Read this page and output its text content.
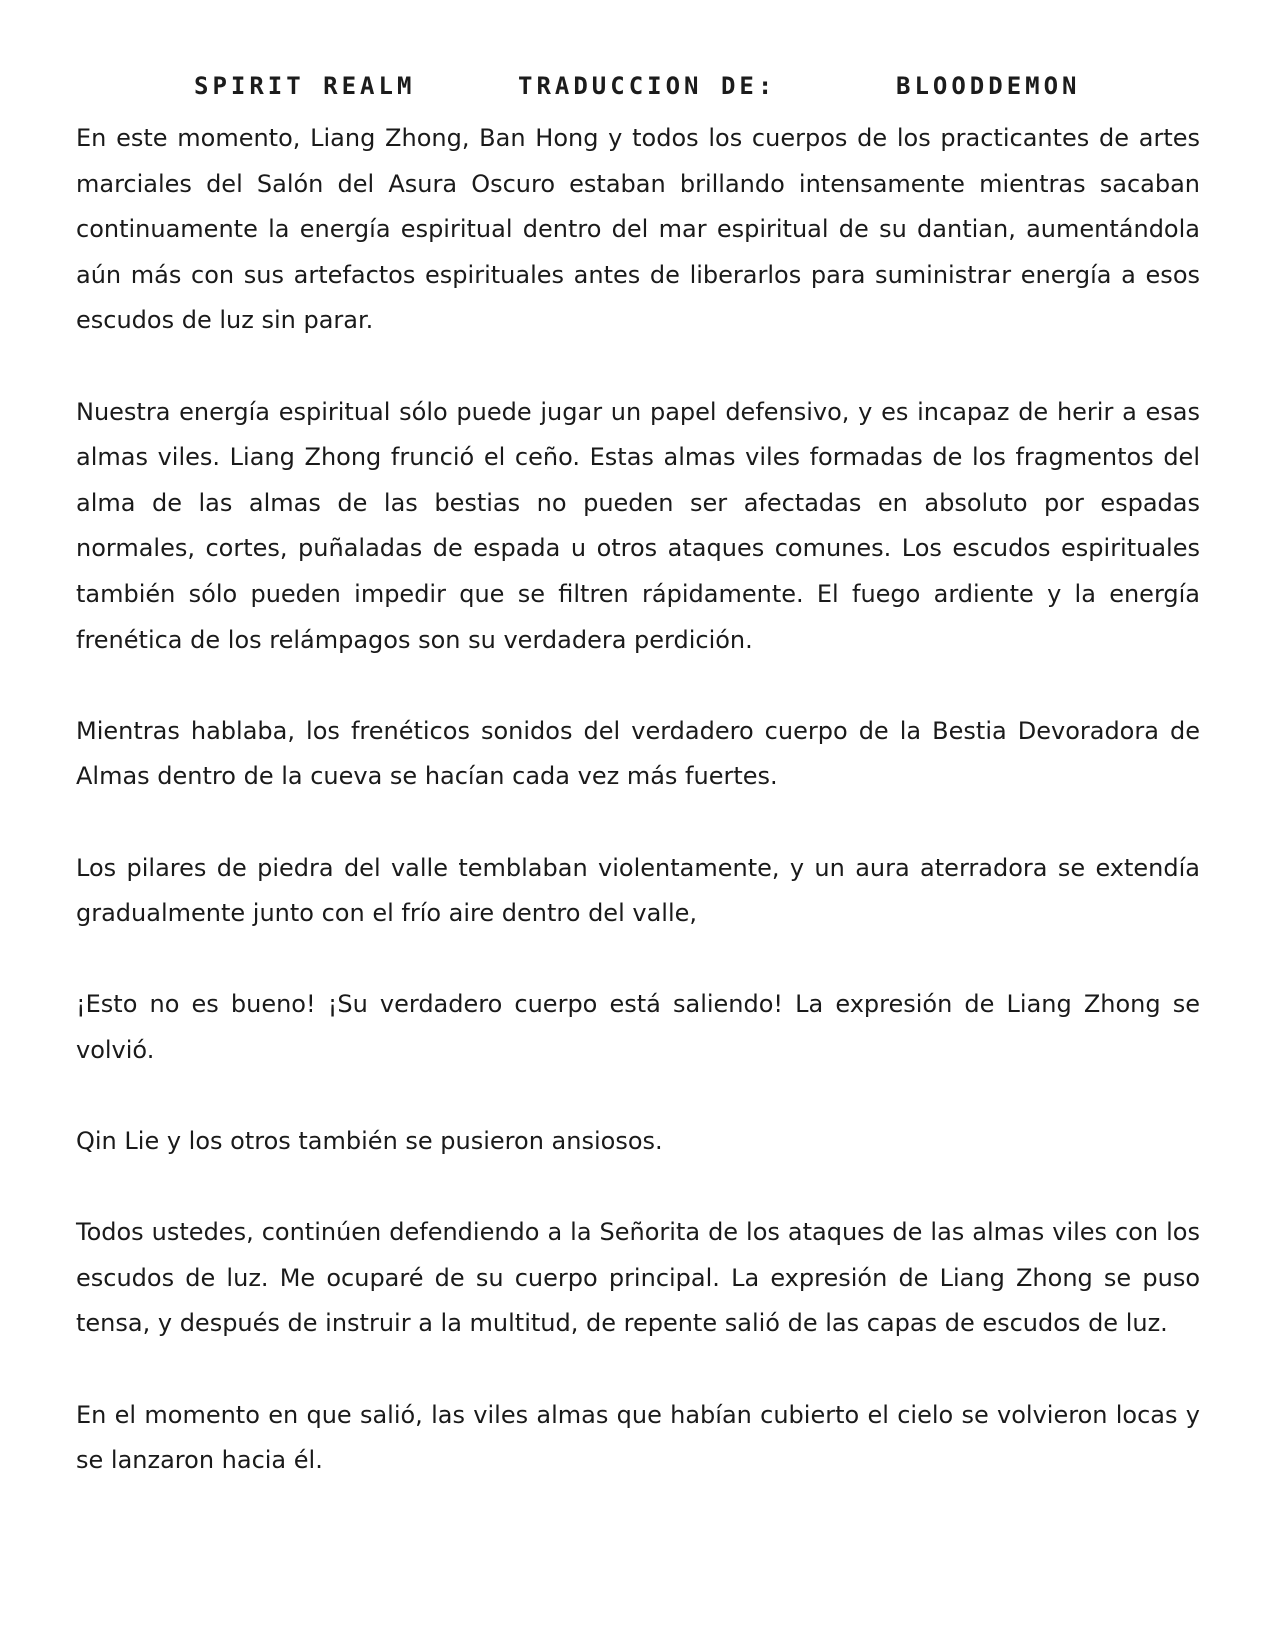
SPIRIT REALM	TRADUCCION DE:	BLOODDEMON

En este momento, Liang Zhong, Ban Hong y todos los cuerpos de los practicantes de artes marciales del Salón del Asura Oscuro estaban brillando intensamente mientras sacaban continuamente la energía espiritual dentro del mar espiritual de su dantian, aumentándola aún más con sus artefactos espirituales antes de liberarlos para suministrar energía a esos escudos de luz sin parar.

Nuestra energía espiritual sólo puede jugar un papel defensivo, y es incapaz de herir a esas almas viles. Liang Zhong frunció el ceño. Estas almas viles formadas de los fragmentos del alma de las almas de las bestias no pueden ser afectadas en absoluto por espadas normales, cortes, puñaladas de espada u otros ataques comunes. Los escudos espirituales también sólo pueden impedir que se filtren rápidamente. El fuego ardiente y la energía frenética de los relámpagos son su verdadera perdición.

Mientras hablaba, los frenéticos sonidos del verdadero cuerpo de la Bestia Devoradora de Almas dentro de la cueva se hacían cada vez más fuertes.

Los pilares de piedra del valle temblaban violentamente, y un aura aterradora se extendía gradualmente junto con el frío aire dentro del valle,

¡Esto no es bueno! ¡Su verdadero cuerpo está saliendo! La expresión de Liang Zhong se volvió.

Qin Lie y los otros también se pusieron ansiosos.

Todos ustedes, continúen defendiendo a la Señorita de los ataques de las almas viles con los escudos de luz. Me ocuparé de su cuerpo principal. La expresión de Liang Zhong se puso tensa, y después de instruir a la multitud, de repente salió de las capas de escudos de luz.

En el momento en que salió, las viles almas que habían cubierto el cielo se volvieron locas y se lanzaron hacia él.
